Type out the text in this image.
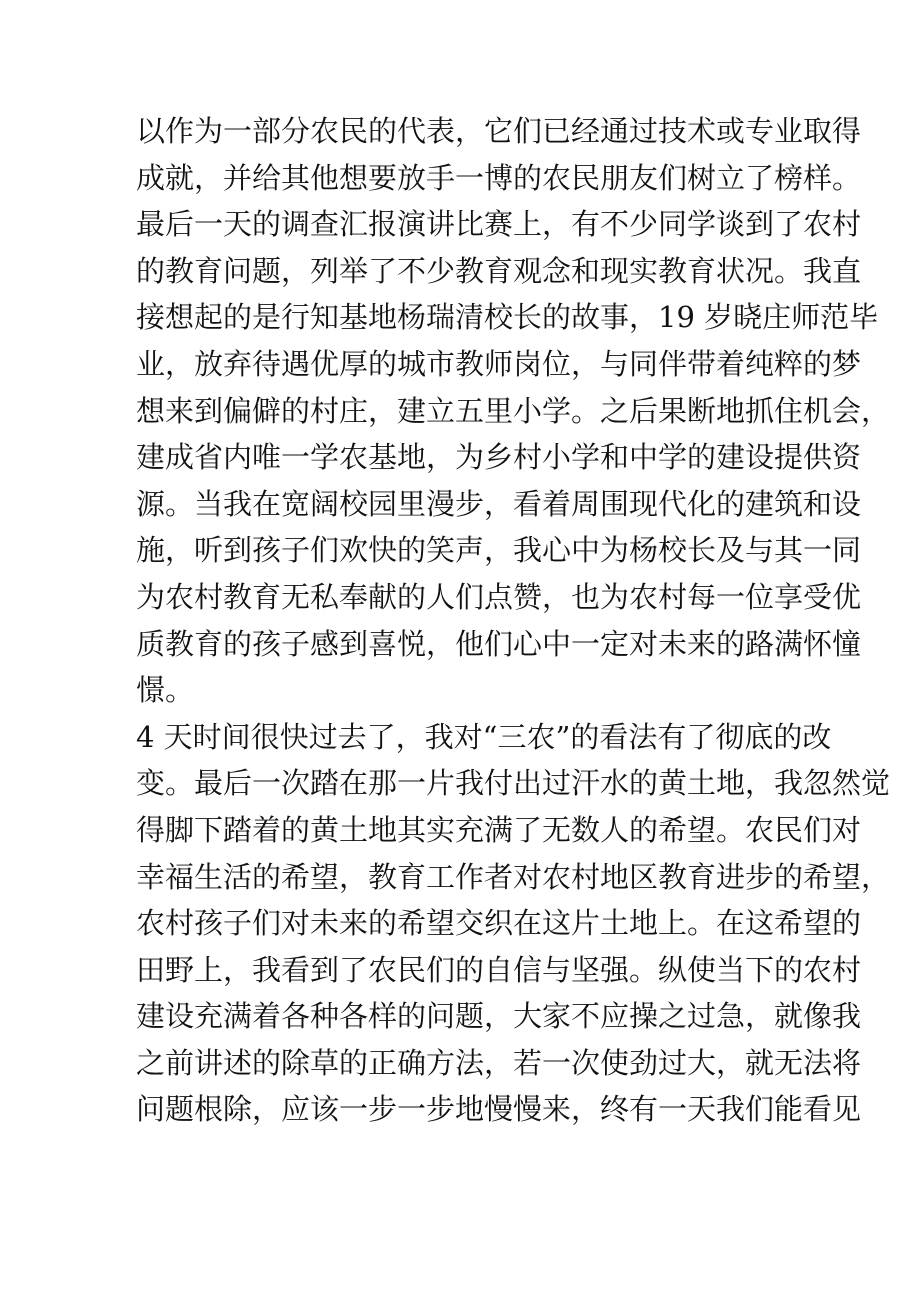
以作为一部分农民的代表，它们已经通过技术或专业取得
成就，并给其他想要放手一博的农民朋友们树立了榜样。
最后一天的调查汇报演讲比赛上，有不少同学谈到了农村
的教育问题，列举了不少教育观念和现实教育状况。我直
接想起的是行知基地杨瑞清校长的故事，19 岁晓庄师范毕
业，放弃待遇优厚的城市教师岗位，与同伴带着纯粹的梦
想来到偏僻的村庄，建立五里小学。之后果断地抓住机会，
建成省内唯一学农基地，为乡村小学和中学的建设提供资
源。当我在宽阔校园里漫步，看着周围现代化的建筑和设
施，听到孩子们欢快的笑声，我心中为杨校长及与其一同
为农村教育无私奉献的人们点赞，也为农村每一位享受优
质教育的孩子感到喜悦，他们心中一定对未来的路满怀憧
憬。
4 天时间很快过去了，我对“三农”的看法有了彻底的改
变。最后一次踏在那一片我付出过汗水的黄土地，我忽然觉
得脚下踏着的黄土地其实充满了无数人的希望。农民们对
幸福生活的希望，教育工作者对农村地区教育进步的希望，
农村孩子们对未来的希望交织在这片土地上。在这希望的
田野上，我看到了农民们的自信与坚强。纵使当下的农村
建设充满着各种各样的问题，大家不应操之过急，就像我
之前讲述的除草的正确方法，若一次使劲过大，就无法将
问题根除，应该一步一步地慢慢来，终有一天我们能看见
